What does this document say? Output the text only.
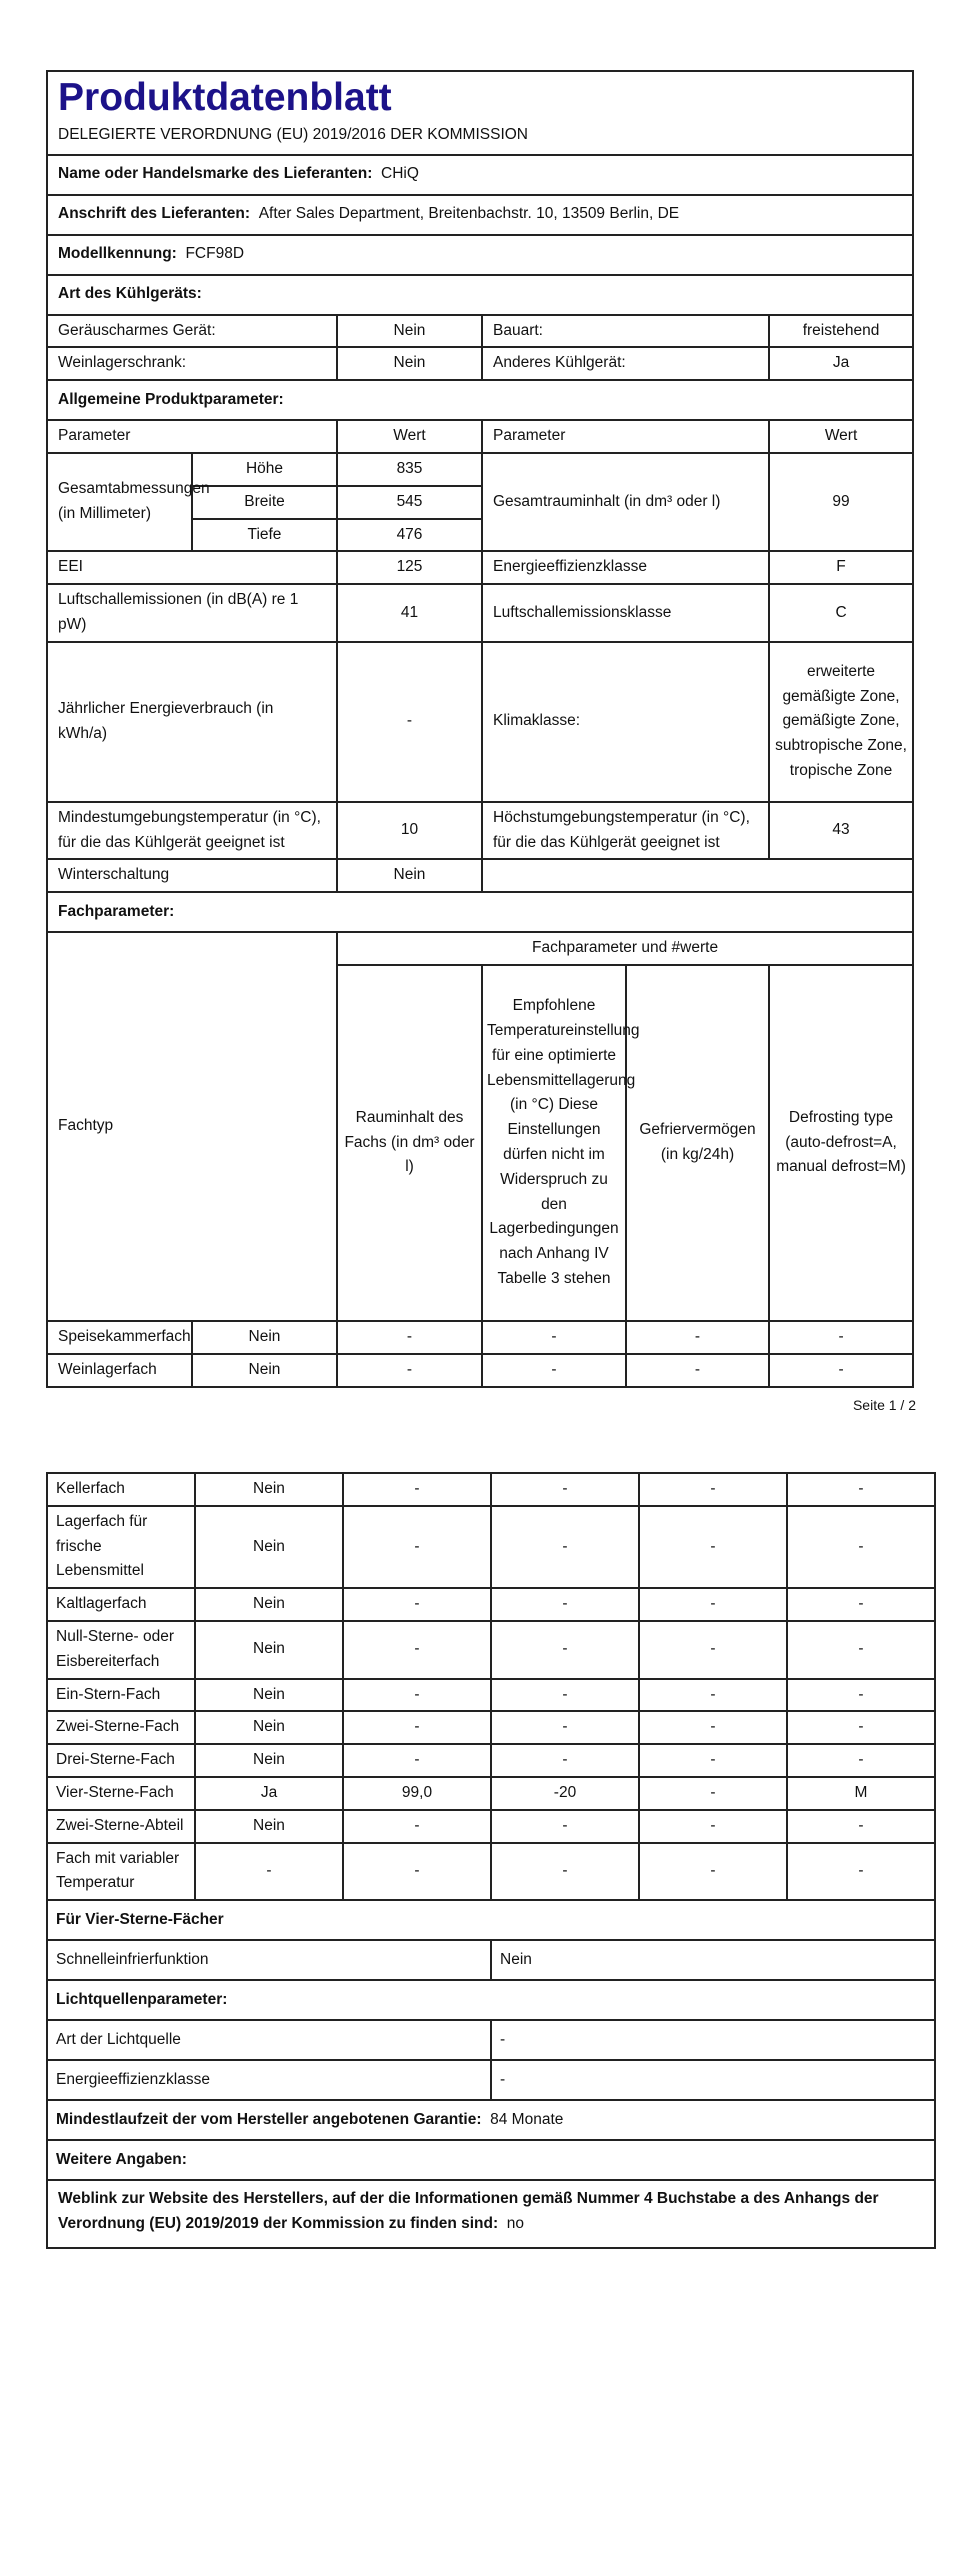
Produktdatenblatt					
DELEGIERTE VERORDNUNG (EU) 2019/2016 DER KOMMISSION					
Name oder Handelsmarke des Lieferanten: CHiQ					
Anschrift des Lieferanten: After Sales Department, Breitenbachstr. 10, 13509 Berlin, DE					
Modellkennung: FCF98D					
Art des Kühlgeräts:					
Geräuscharmes Gerät:		Nein	Bauart:		freistehend
Weinlagerschrank:		Nein	Anderes Kühlgerät:		Ja
Allgemeine Produktparameter:					
Parameter		Wert	Parameter		Wert
Gesamtabmessungen (in Millimeter)	Höhe	835	Gesamtrauminhalt (in dm³ oder l)		99
	Breite	545			
	Tiefe	476			
EEI		125	Energieeffizienzklasse		F
Luftschallemissionen (in dB(A) re 1 pW)		41	Luftschallemissionsklasse		C
Jährlicher Energieverbrauch (in kWh/a)		-	Klimaklasse:		erweiterte gemäßigte Zone, gemäßigte Zone, subtropische Zone, tropische Zone
Mindestumgebungstemperatur (in °C), für die das Kühlgerät geeignet ist		10	Höchstumgebungstemperatur (in °C), für die das Kühlgerät geeignet ist		43
Winterschaltung		Nein			
Fachparameter:					
Fachtyp		Fachparameter und #werte			
		Rauminhalt des Fachs (in dm³ oder l)	Empfohlene Temperatureinstellung für eine optimierte Lebensmittellagerung (in °C) Diese Einstellungen dürfen nicht im Widerspruch zu den Lagerbedingungen nach Anhang IV Tabelle 3 stehen	Gefriervermögen (in kg/24h)	Defrosting type (auto-defrost=A, manual defrost=M)
Speisekammerfach	Nein	-	-	-	-
Weinlagerfach	Nein	-	-	-	-
Seite 1 / 2
Kellerfach	Nein	-	-	-	-
Lagerfach für frische Lebensmittel	Nein	-	-	-	-
Kaltlagerfach	Nein	-	-	-	-
Null-Sterne- oder Eisbereiterfach	Nein	-	-	-	-
Ein-Stern-Fach	Nein	-	-	-	-
Zwei-Sterne-Fach	Nein	-	-	-	-
Drei-Sterne-Fach	Nein	-	-	-	-
Vier-Sterne-Fach	Ja	99,0	-20	-	M
Zwei-Sterne-Abteil	Nein	-	-	-	-
Fach mit variabler Temperatur	-	-	-	-	-
Für Vier-Sterne-Fächer					
Schnelleinfrierfunktion			Nein		
Lichtquellenparameter:					
Art der Lichtquelle			-		
Energieeffizienzklasse			-		
Mindestlaufzeit der vom Hersteller angebotenen Garantie: 84 Monate					
Weitere Angaben:					
Weblink zur Website des Herstellers, auf der die Informationen gemäß Nummer 4 Buchstabe a des Anhangs der Verordnung (EU) 2019/2019 der Kommission zu finden sind: no					
